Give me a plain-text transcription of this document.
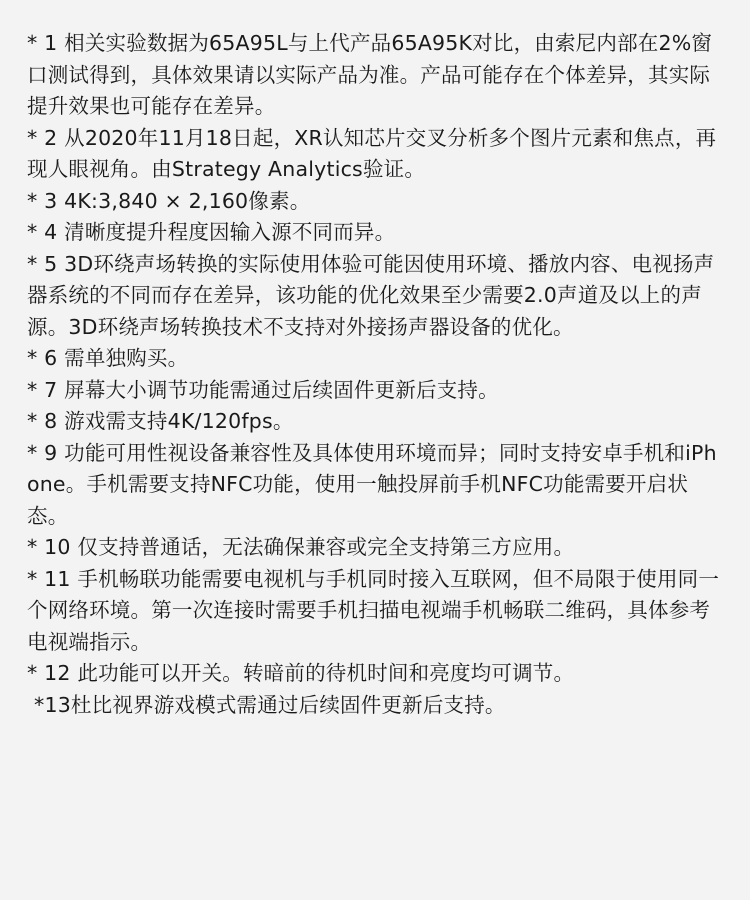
* 1 相关实验数据为65A95L与上代产品65A95K对比，由索尼内部在2%窗口测试得到，具体效果请以实际产品为准。产品可能存在个体差异，其实际提升效果也可能存在差异。

* 2 从2020年11月18日起，XR认知芯片交叉分析多个图片元素和焦点，再现人眼视角。由Strategy Analytics验证。

* 3 4K:3,840 × 2,160像素。

* 4 清晰度提升程度因输入源不同而异。

* 5 3D环绕声场转换的实际使用体验可能因使用环境、播放内容、电视扬声器系统的不同而存在差异，该功能的优化效果至少需要2.0声道及以上的声源。3D环绕声场转换技术不支持对外接扬声器设备的优化。

* 6 需单独购买。

* 7 屏幕大小调节功能需通过后续固件更新后支持。

* 8 游戏需支持4K/120fps。

* 9 功能可用性视设备兼容性及具体使用环境而异；同时支持安卓手机和iPhone。手机需要支持NFC功能，使用一触投屏前手机NFC功能需要开启状态。

* 10 仅支持普通话，无法确保兼容或完全支持第三方应用。

* 11 手机畅联功能需要电视机与手机同时接入互联网，但不局限于使用同一个网络环境。第一次连接时需要手机扫描电视端手机畅联二维码，具体参考电视端指示。

* 12 此功能可以开关。转暗前的待机时间和亮度均可调节。

*13杜比视界游戏模式需通过后续固件更新后支持。
